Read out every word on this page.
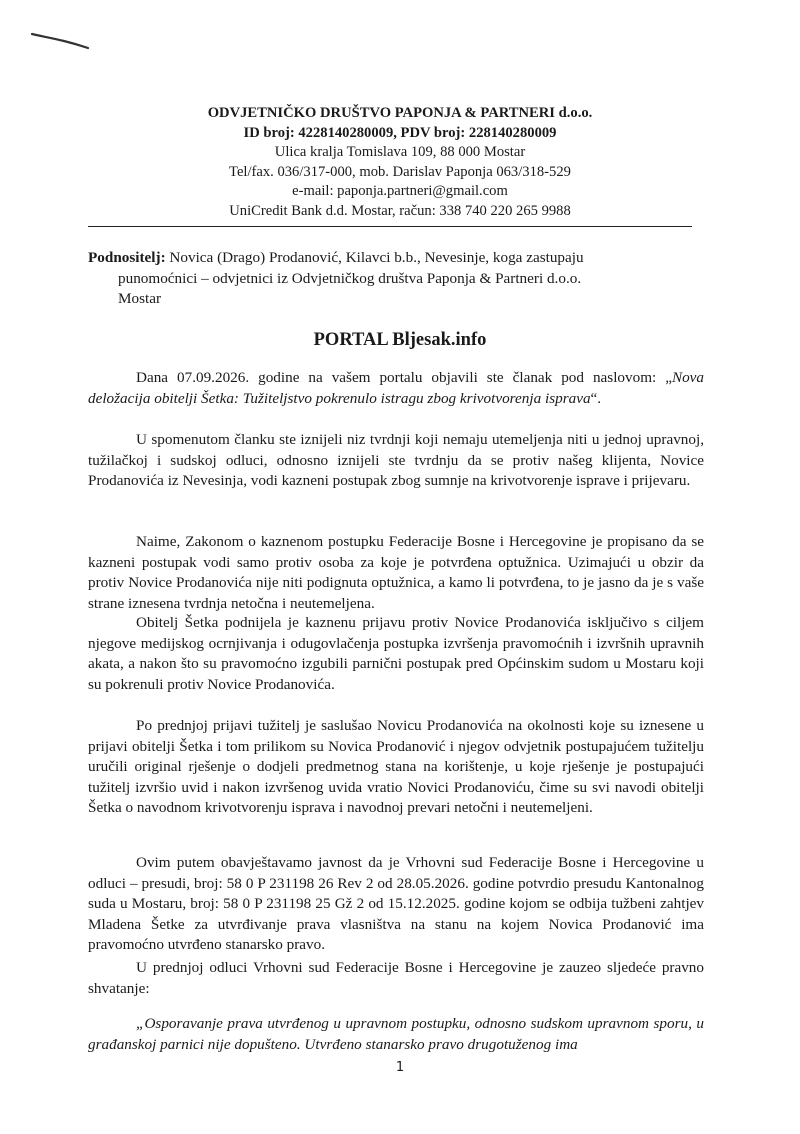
ODVJETNIČKO DRUŠTVO PAPONJA & PARTNERI d.o.o.
ID broj: 4228140280009, PDV broj: 228140280009
Ulica kralja Tomislava 109, 88 000 Mostar
Tel/fax. 036/317-000, mob. Darislav Paponja 063/318-529
e-mail: paponja.partneri@gmail.com
UniCredit Bank d.d. Mostar, račun: 338 740 220 265 9988

Podnositelj: Novica (Drago) Prodanović, Kilavci b.b., Nevesinje, koga zastupaju

punomoćnici – odvjetnici iz Odvjetničkog društva Paponja & Partneri d.o.o.

Mostar

PORTAL Bljesak.info

Dana 07.09.2026. godine na vašem portalu objavili ste članak pod naslovom: „Nova deložacija obitelji Šetka: Tužiteljstvo pokrenulo istragu zbog krivotvorenja isprava“.

U spomenutom članku ste iznijeli niz tvrdnji koji nemaju utemeljenja niti u jednoj upravnoj, tužilačkoj i sudskoj odluci, odnosno iznijeli ste tvrdnju da se protiv našeg klijenta, Novice Prodanovića iz Nevesinja, vodi kazneni postupak zbog sumnje na krivotvorenje isprave i prijevaru.

Naime, Zakonom o kaznenom postupku Federacije Bosne i Hercegovine je propisano da se kazneni postupak vodi samo protiv osoba za koje je potvrđena optužnica. Uzimajući u obzir da protiv Novice Prodanovića nije niti podignuta optužnica, a kamo li potvrđena, to je jasno da je s vaše strane iznesena tvrdnja netočna i neutemeljena.

Obitelj Šetka podnijela je kaznenu prijavu protiv Novice Prodanovića isključivo s ciljem njegove medijskog ocrnjivanja i odugovlačenja postupka izvršenja pravomoćnih i izvršnih upravnih akata, a nakon što su pravomoćno izgubili parnični postupak pred Općinskim sudom u Mostaru koji su pokrenuli protiv Novice Prodanovića.

Po prednjoj prijavi tužitelj je saslušao Novicu Prodanovića na okolnosti koje su iznesene u prijavi obitelji Šetka i tom prilikom su Novica Prodanović i njegov odvjetnik postupajućem tužitelju uručili original rješenje o dodjeli predmetnog stana na korištenje, u koje rješenje je postupajući tužitelj izvršio uvid i nakon izvršenog uvida vratio Novici Prodanoviću, čime su svi navodi obitelji Šetka o navodnom krivotvorenju isprava i navodnoj prevari netočni i neutemeljeni.

Ovim putem obavještavamo javnost da je Vrhovni sud Federacije Bosne i Hercegovine u odluci – presudi, broj: 58 0 P 231198 26 Rev 2 od 28.05.2026. godine potvrdio presudu Kantonalnog suda u Mostaru, broj: 58 0 P 231198 25 Gž 2 od 15.12.2025. godine kojom se odbija tužbeni zahtjev Mladena Šetke za utvrđivanje prava vlasništva na stanu na kojem Novica Prodanović ima pravomoćno utvrđeno stanarsko pravo.

U prednjoj odluci Vrhovni sud Federacije Bosne i Hercegovine je zauzeo sljedeće pravno shvatanje:

„Osporavanje prava utvrđenog u upravnom postupku, odnosno sudskom upravnom sporu, u građanskoj parnici nije dopušteno. Utvrđeno stanarsko pravo drugotuženog ima

1
